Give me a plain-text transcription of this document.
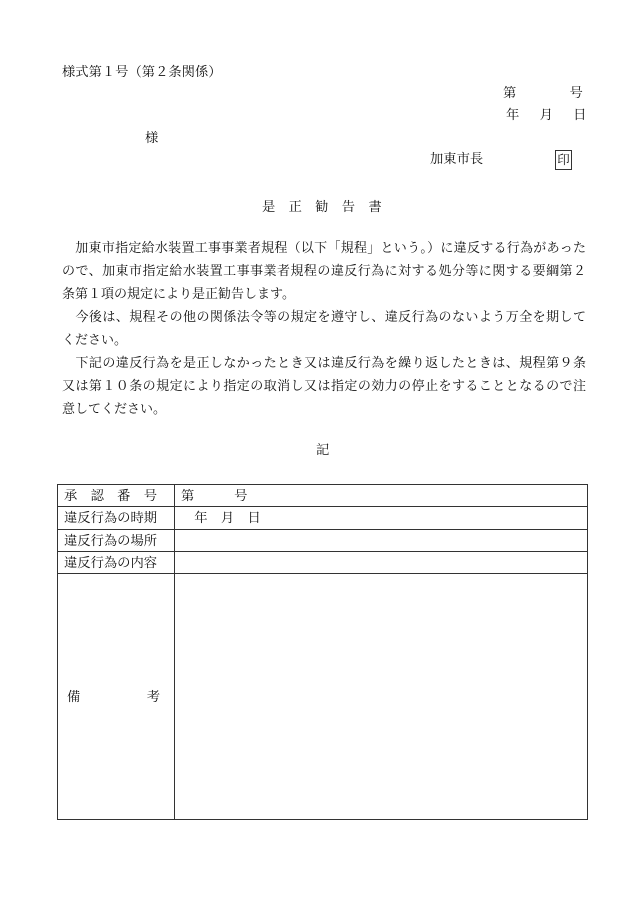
様式第１号（第２条関係）
第　　　　号
年　月　日
様
加東市長	印
是　正　勧　告　書
　加東市指定給水装置工事事業者規程（以下「規程」という。）に違反する行為があった
ので、加東市指定給水装置工事事業者規程の違反行為に対する処分等に関する要綱第２
条第１項の規定により是正勧告します。
　今後は、規程その他の関係法令等の規定を遵守し、違反行為のないよう万全を期して
ください。
　下記の違反行為を是正しなかったとき又は違反行為を繰り返したときは、規程第９条
又は第１０条の規定により指定の取消し又は指定の効力の停止をすることとなるので注
意してください。
記
承　認　番　号	第　　　号
違反行為の時期	　年　月　日
違反行為の場所	
違反行為の内容	
備　　　　　考	
